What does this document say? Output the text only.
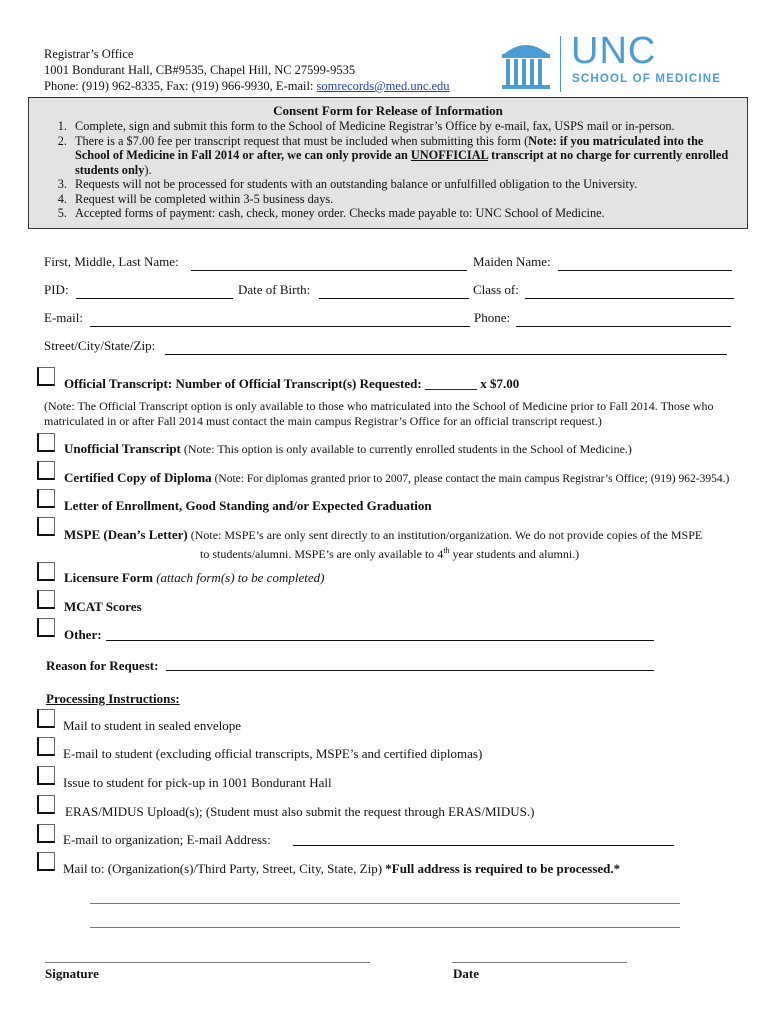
Registrar’s Office
1001 Bondurant Hall, CB#9535, Chapel Hill, NC 27599-9535
Phone: (919) 962-8335, Fax: (919) 966-9930, E-mail: somrecords@med.unc.edu
UNC
SCHOOL OF MEDICINE
Consent Form for Release of Information
1. Complete, sign and submit this form to the School of Medicine Registrar’s Office by e-mail, fax, USPS mail or in-person.
2. There is a $7.00 fee per transcript request that must be included when submitting this form (Note: if you matriculated into the School of Medicine in Fall 2014 or after, we can only provide an UNOFFICIAL transcript at no charge for currently enrolled students only).
3. Requests will not be processed for students with an outstanding balance or unfulfilled obligation to the University.
4. Request will be completed within 3-5 business days.
5. Accepted forms of payment: cash, check, money order. Checks made payable to: UNC School of Medicine.
First, Middle, Last Name:	Maiden Name:
PID:	Date of Birth:	Class of:
E-mail:	Phone:
Street/City/State/Zip:
Official Transcript: Number of Official Transcript(s) Requested: ________ x $7.00
(Note: The Official Transcript option is only available to those who matriculated into the School of Medicine prior to Fall 2014. Those who matriculated in or after Fall 2014 must contact the main campus Registrar’s Office for an official transcript request.)
Unofficial Transcript (Note: This option is only available to currently enrolled students in the School of Medicine.)
Certified Copy of Diploma (Note: For diplomas granted prior to 2007, please contact the main campus Registrar’s Office; (919) 962-3954.)
Letter of Enrollment, Good Standing and/or Expected Graduation
MSPE (Dean’s Letter) (Note: MSPE’s are only sent directly to an institution/organization. We do not provide copies of the MSPE
to students/alumni. MSPE’s are only available to 4th year students and alumni.)
Licensure Form (attach form(s) to be completed)
MCAT Scores
Other:
Reason for Request:
Processing Instructions:
Mail to student in sealed envelope
E-mail to student (excluding official transcripts, MSPE’s and certified diplomas)
Issue to student for pick-up in 1001 Bondurant Hall
ERAS/MIDUS Upload(s); (Student must also submit the request through ERAS/MIDUS.)
E-mail to organization; E-mail Address:
Mail to: (Organization(s)/Third Party, Street, City, State, Zip) *Full address is required to be processed.*
Signature	Date
